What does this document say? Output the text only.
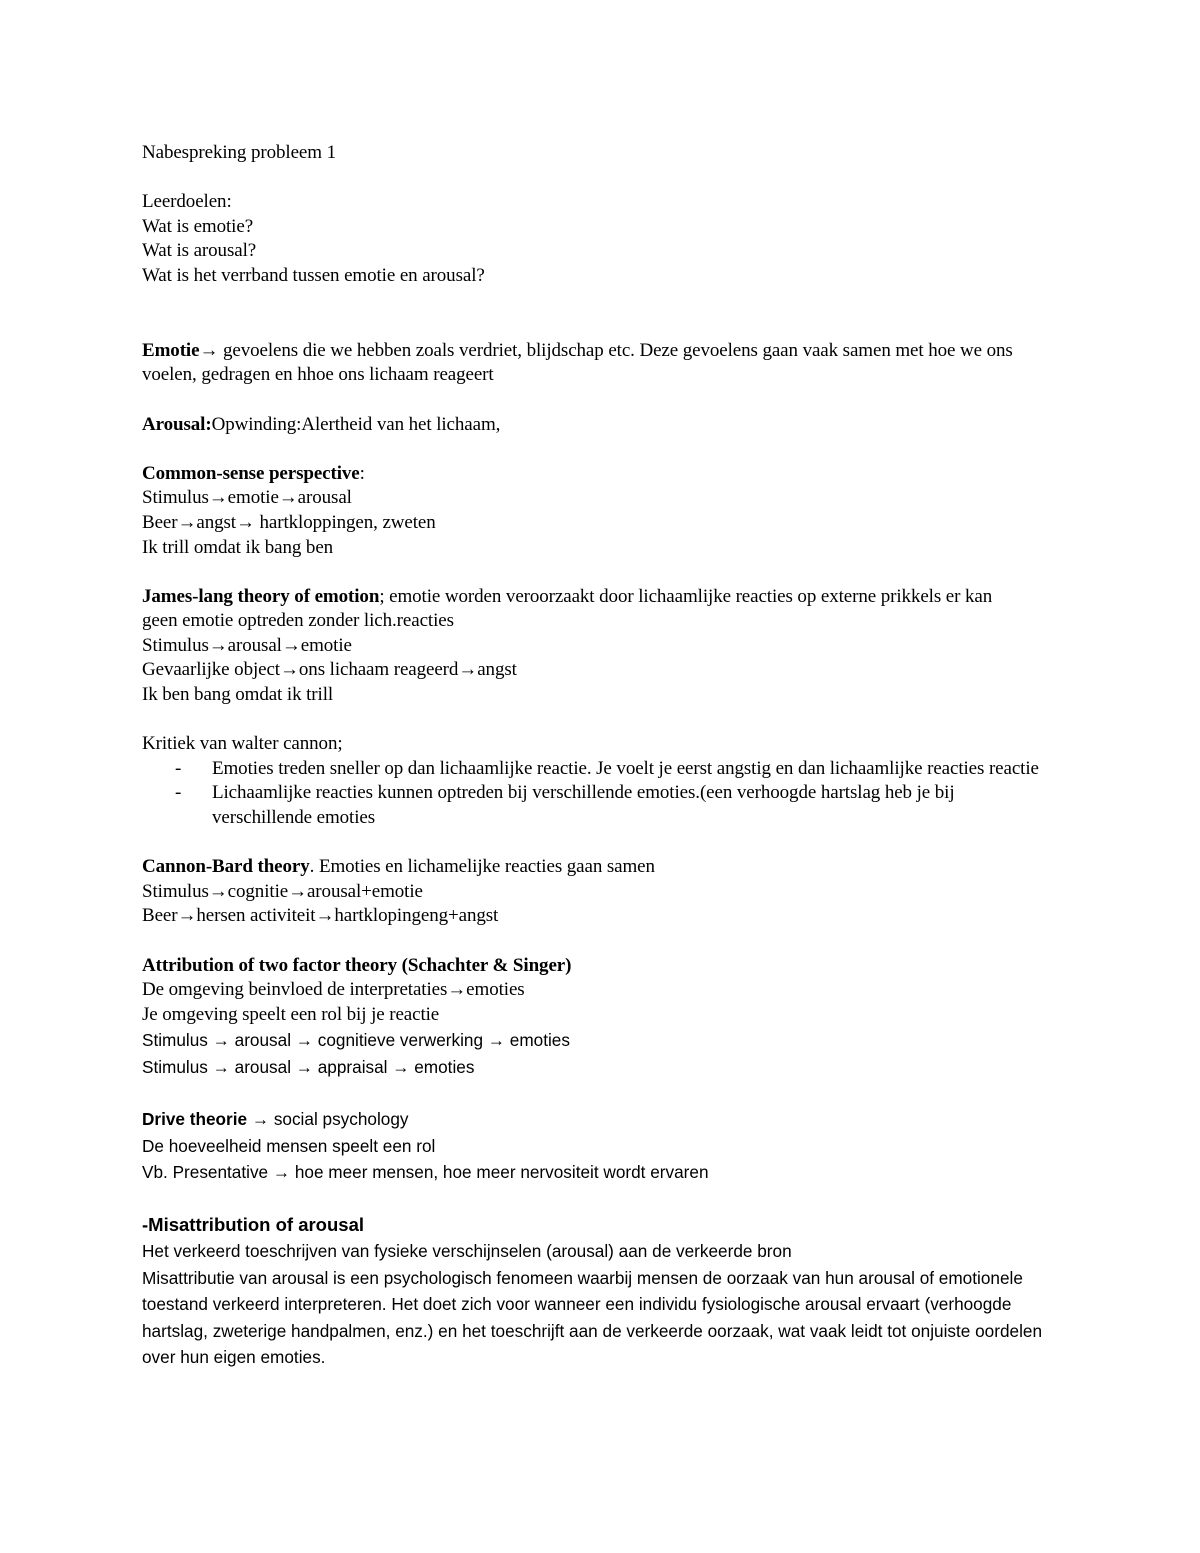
Nabespreking probleem 1
Leerdoelen:
Wat is emotie?
Wat is arousal?
Wat is het verrband tussen emotie en arousal?
Emotie→ gevoelens die we hebben zoals verdriet, blijdschap etc. Deze gevoelens gaan vaak samen met hoe we ons voelen, gedragen en hhoe ons lichaam reageert
Arousal:Opwinding:Alertheid van het lichaam,
Common-sense perspective:
Stimulus→emotie→arousal
Beer→angst→ hartkloppingen, zweten
Ik trill omdat ik bang ben
James-lang theory of emotion; emotie worden veroorzaakt door lichaamlijke reacties op externe prikkels er kan geen emotie optreden zonder lich.reacties
Stimulus→arousal→emotie
Gevaarlijke object→ons lichaam reageerd→angst
Ik ben bang omdat ik trill
Kritiek van walter cannon;
- Emoties treden sneller op dan lichaamlijke reactie. Je voelt je eerst angstig en dan lichaamlijke reacties reactie
- Lichaamlijke reacties kunnen optreden bij verschillende emoties.(een verhoogde hartslag heb je bij verschillende emoties
Cannon-Bard theory. Emoties en lichamelijke reacties gaan samen
Stimulus→cognitie→arousal+emotie
Beer→hersen activiteit→hartklopingeng+angst
Attribution of two factor theory (Schachter & Singer)
De omgeving beinvloed de interpretaties→emoties
Je omgeving speelt een rol bij je reactie
Stimulus → arousal → cognitieve verwerking → emoties
Stimulus → arousal → appraisal → emoties
Drive theorie → social psychology
De hoeveelheid mensen speelt een rol
Vb. Presentative → hoe meer mensen, hoe meer nervositeit wordt ervaren
-Misattribution of arousal
Het verkeerd toeschrijven van fysieke verschijnselen (arousal) aan de verkeerde bron
Misattributie van arousal is een psychologisch fenomeen waarbij mensen de oorzaak van hun arousal of emotionele toestand verkeerd interpreteren. Het doet zich voor wanneer een individu fysiologische arousal ervaart (verhoogde hartslag, zweterige handpalmen, enz.) en het toeschrijft aan de verkeerde oorzaak, wat vaak leidt tot onjuiste oordelen over hun eigen emoties.
